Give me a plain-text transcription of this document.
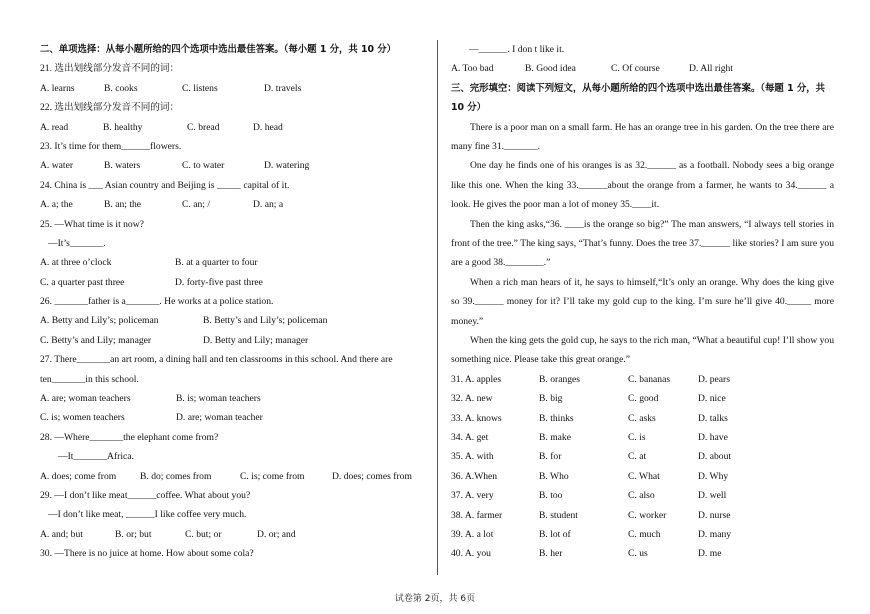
二、单项选择：从每小题所给的四个选项中选出最佳答案。（每小题 1 分，共 10 分）
21. 选出划线部分发音不同的词：
A. learns	B. cooks	C. listens	D. travels
22. 选出划线部分发音不同的词：
A. read	B. healthy	C. bread	D. head
23. It’s time for them______flowers.
A. water	B. waters	C. to water	D. watering
24. China is ___ Asian country and Beijing is _____ capital of it.
A. a; the	B. an; the	C. an; /	D. an; a
25. —What time is it now?
—It’s_______.
A. at three o’clock	B. at a quarter to four
C. a quarter past three	D. forty-five past three
26. _______father is a_______. He works at a police station.
A. Betty and Lily’s; policeman	B. Betty’s and Lily’s; policeman
C. Betty’s and Lily; manager	D. Betty and Lily; manager
27. There_______an art room, a dining hall and ten classrooms in this school. And there are
ten_______in this school.
A. are; woman teachers	B. is; woman teachers
C. is; women teachers	D. are; woman teacher
28. —Where_______the elephant come from?
—It_______Africa.
A. does; come from	B. do; comes from	C. is; come from	D. does; comes from
29. —I don’t like meat______coffee. What about you?
—I don’t like meat, ______I like coffee very much.
A. and; but	B. or; but	C. but; or	D. or; and
30. —There is no juice at home. How about some cola?
—______. I don t like it.
A. Too bad	B. Good idea	C. Of course	D. All right
三、完形填空：阅读下列短文，从每小题所给的四个选项中选出最佳答案。（每题 1 分，共 10 分）
There is a poor man on a small farm. He has an orange tree in his garden. On the tree there are many fine 31._______.
One day he finds one of his oranges is as 32.______ as a football. Nobody sees a big orange like this one. When the king 33.______about the orange from a farmer, he wants to 34.______ a look. He gives the poor man a lot of money 35.____it.
Then the king asks,“36. ____is the orange so big?” The man answers, “I always tell stories in front of the tree.” The king says, “That’s funny. Does the tree 37.______ like stories? I am sure you are a good 38.________.”
When a rich man hears of it, he says to himself,“It’s only an orange. Why does the king give so 39.______ money for it? I’ll take my gold cup to the king. I’m sure he’ll give 40._____ more money.”
When the king gets the gold cup, he says to the rich man, “What a beautiful cup! I’ll show you something nice. Please take this great orange.”
31. A. apples	B. oranges	C. bananas	D. pears
32. A. new	B. big	C. good	D. nice
33. A. knows	B. thinks	C. asks	D. talks
34. A. get	B. make	C. is	D. have
35. A. with	B. for	C. at	D. about
36. A.When	B. Who	C. What	D. Why
37. A. very	B. too	C. also	D. well
38. A. farmer	B. student	C. worker	D. nurse
39. A. a lot	B. lot of	C. much	D. many
40. A. you	B. her	C. us	D. me
试卷第 2页，共 6页
